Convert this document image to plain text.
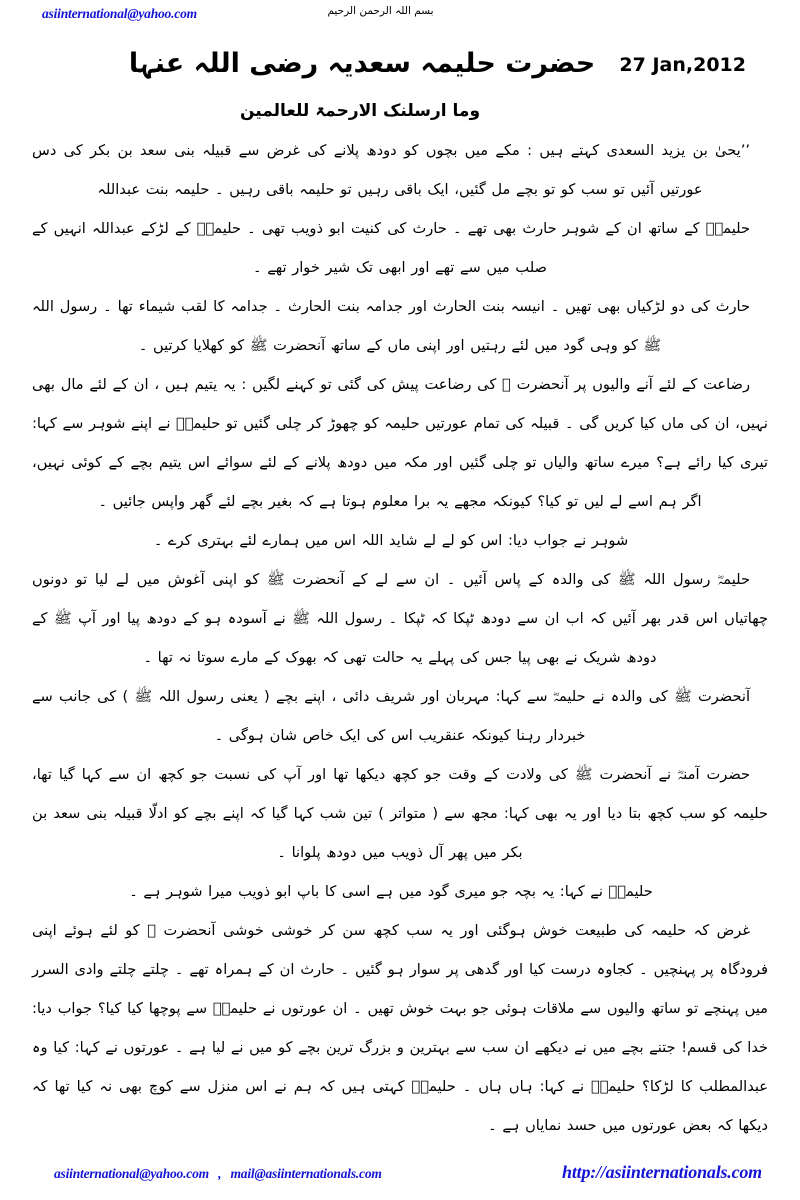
asiinternational@yahoo.com	بسم اللہ الرحمن الرحیم
حضرت حلیمہ سعدیہ رضی اللہ عنہا 27 Jan,2012
وما ارسلنک الارحمۃ للعالمین

‏’’یحیٰ بن یزید السعدی کہتے ہیں : مکے میں بچوں کو دودھ پلانے کی غرض سے قبیلہ بنی سعد بن بکر کی دس عورتیں آئیں تو سب کو تو بچے مل گئیں، ایک باقی رہیں تو حلیمہ باقی رہیں ۔ حلیمہ بنت عبداللہ

حلیمہؓ کے ساتھ ان کے شوہر حارث بھی تھے ۔ حارث کی کنیت ابو ذویب تھی ۔ حلیمہؓ کے لڑکے عبداللہ انہیں کے صلب میں سے تھے اور ابھی تک شیر خوار تھے ۔

حارث کی دو لڑکیاں بھی تھیں ۔ انیسہ بنت الحارث اور جدامہ بنت الحارث ۔ جدامہ کا لقب شیماء تھا ۔ رسول اللہ ﷺ کو وہی گود میں لئے رہتیں اور اپنی ماں کے ساتھ آنحضرت ﷺ کو کھلایا کرتیں ۔

رضاعت کے لئے آنے والیوں پر آنحضرت ﷺ کی رضاعت پیش کی گئی تو کہنے لگیں : یہ یتیم ہیں ، ان کے لئے مال بھی نہیں، ان کی ماں کیا کریں گی ۔ قبیلہ کی تمام عورتیں حلیمہ کو چھوڑ کر چلی گئیں تو حلیمہؓ نے اپنے شوہر سے کہا: تیری کیا رائے ہے؟ میرے ساتھ والیاں تو چلی گئیں اور مکہ میں دودھ پلانے کے لئے سوائے اس یتیم بچے کے کوئی نہیں، اگر ہم اسے لے لیں تو کیا؟ کیونکہ مجھے یہ برا معلوم ہوتا ہے کہ بغیر بچے لئے گھر واپس جائیں ۔

شوہر نے جواب دیا: اس کو لے لے شاید اللہ اس میں ہمارے لئے بہتری کرے ۔

حلیمہؓ رسول اللہ ﷺ کی والدہ کے پاس آئیں ۔ ان سے لے کے آنحضرت ﷺ کو اپنی آغوش میں لے لیا تو دونوں چھاتیاں اس قدر بھر آئیں کہ اب ان سے دودھ ٹپکا کہ ٹپکا ۔ رسول اللہ ﷺ نے آسودہ ہو کے دودھ پیا اور آپ ﷺ کے دودھ شریک نے بھی پیا جس کی پہلے یہ حالت تھی کہ بھوک کے مارے سوتا نہ تھا ۔

آنحضرت ﷺ کی والدہ نے حلیمہؓ سے کہا: مہربان اور شریف دائی ، اپنے بچے ( یعنی رسول اللہ ﷺ ) کی جانب سے خبردار رہنا کیونکہ عنقریب اس کی ایک خاص شان ہوگی ۔

حضرت آمنہؓ نے آنحضرت ﷺ کی ولادت کے وقت جو کچھ دیکھا تھا اور آپ کی نسبت جو کچھ ان سے کہا گیا تھا، حلیمہ کو سب کچھ بتا دیا اور یہ بھی کہا: مجھ سے ( متواتر ) تین شب کہا گیا کہ اپنے بچے کو ادلّا قبیلہ بنی سعد بن بکر میں پھر آل ذویب میں دودھ پلوانا ۔

حلیمہؓ نے کہا: یہ بچہ جو میری گود میں ہے اسی کا باپ ابو ذویب میرا شوہر ہے ۔

غرض کہ حلیمہ کی طبیعت خوش ہوگئی اور یہ سب کچھ سن کر خوشی خوشی آنحضرت ﷺ کو لئے ہوئے اپنی فرودگاہ پر پہنچیں ۔ کجاوہ درست کیا اور گدھی پر سوار ہو گئیں ۔ حارث ان کے ہمراہ تھے ۔ چلتے چلتے وادی السرر میں پہنچے تو ساتھ والیوں سے ملاقات ہوئی جو بہت خوش تھیں ۔ ان عورتوں نے حلیمہؓ سے پوچھا کیا کیا؟ جواب دیا: خدا کی قسم! جتنے بچے میں نے دیکھے ان سب سے بہترین و بزرگ ترین بچے کو میں نے لیا ہے ۔ عورتوں نے کہا: کیا وہ عبدالمطلب کا لڑکا؟ حلیمہؓ نے کہا: ہاں ہاں ۔ حلیمہؓ کہتی ہیں کہ ہم نے اس منزل سے کوچ بھی نہ کیا تھا کہ دیکھا کہ بعض عورتوں میں حسد نمایاں ہے ۔

asiinternational@yahoo.com , mail@asiinternationals.com	http://asiinternationals.com
